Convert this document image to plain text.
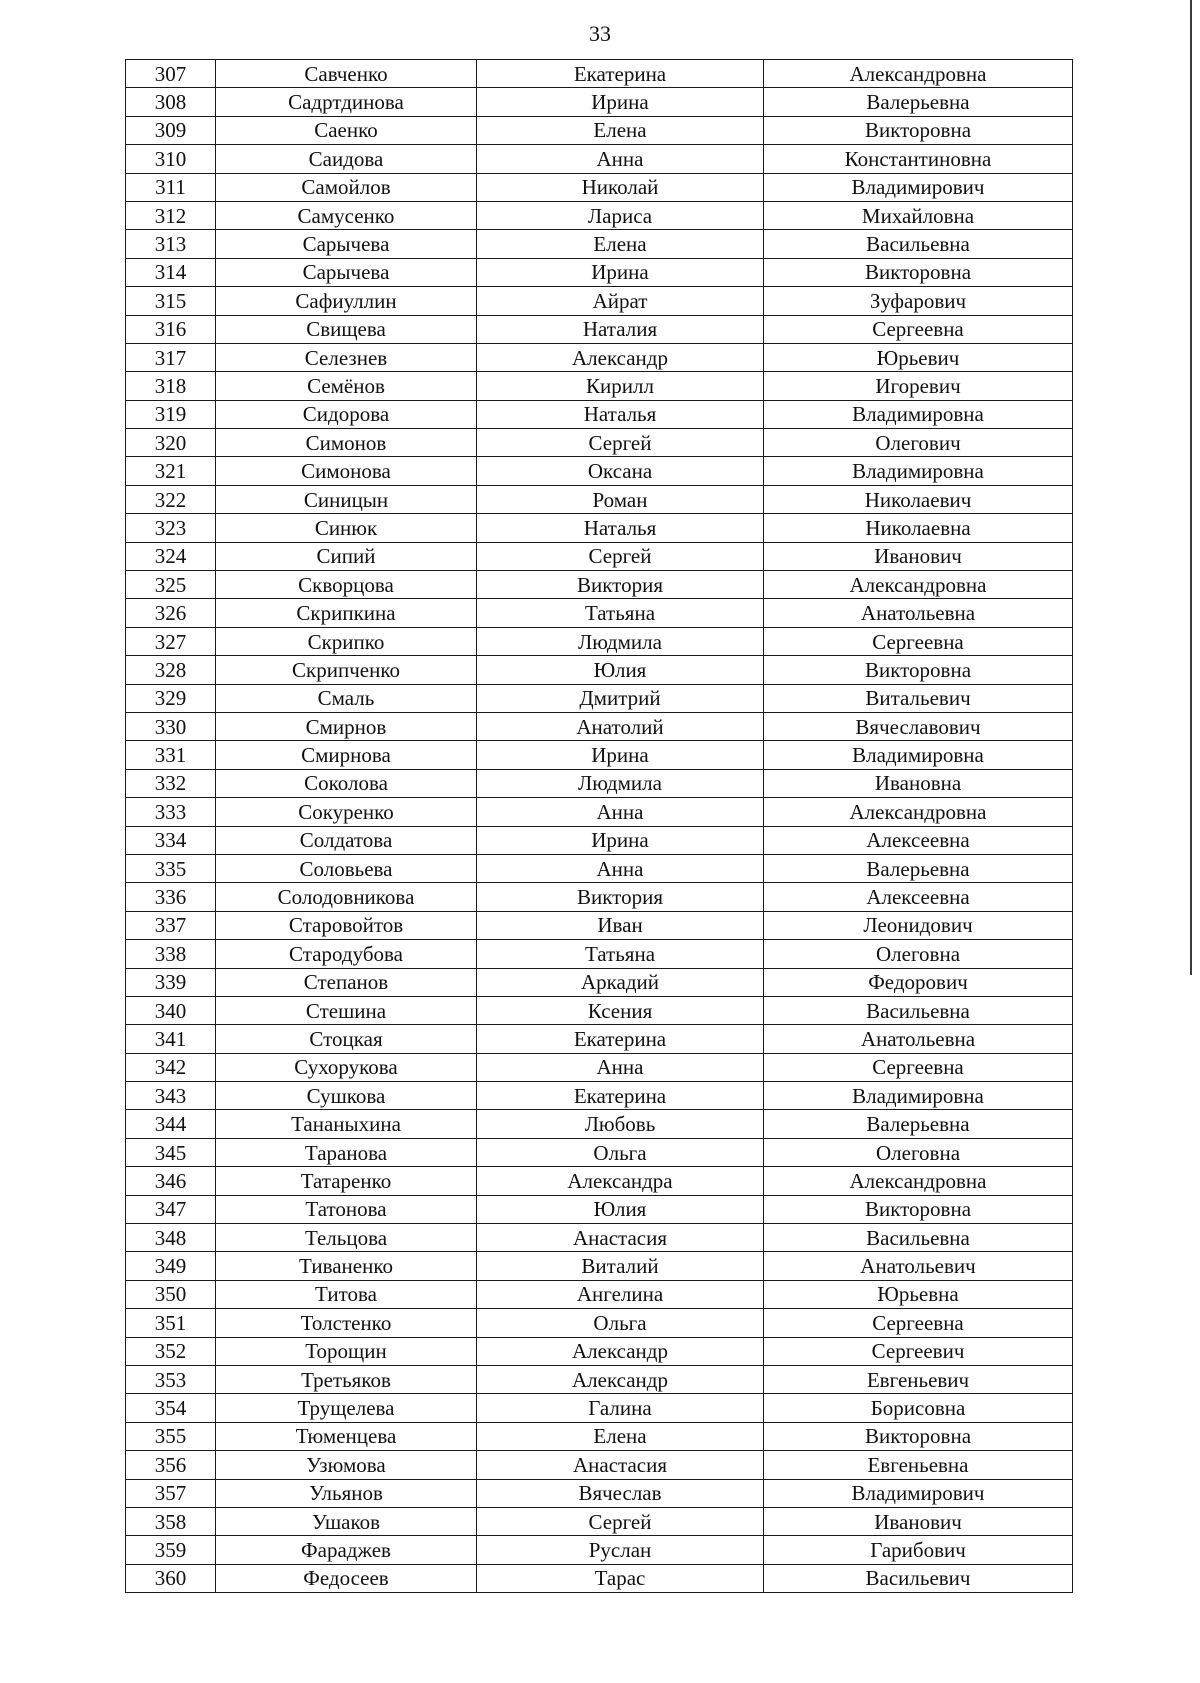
33
307	Савченко	Екатерина	Александровна
308	Садртдинова	Ирина	Валерьевна
309	Саенко	Елена	Викторовна
310	Саидова	Анна	Константиновна
311	Самойлов	Николай	Владимирович
312	Самусенко	Лариса	Михайловна
313	Сарычева	Елена	Васильевна
314	Сарычева	Ирина	Викторовна
315	Сафиуллин	Айрат	Зуфарович
316	Свищева	Наталия	Сергеевна
317	Селезнев	Александр	Юрьевич
318	Семёнов	Кирилл	Игоревич
319	Сидорова	Наталья	Владимировна
320	Симонов	Сергей	Олегович
321	Симонова	Оксана	Владимировна
322	Синицын	Роман	Николаевич
323	Синюк	Наталья	Николаевна
324	Сипий	Сергей	Иванович
325	Скворцова	Виктория	Александровна
326	Скрипкина	Татьяна	Анатольевна
327	Скрипко	Людмила	Сергеевна
328	Скрипченко	Юлия	Викторовна
329	Смаль	Дмитрий	Витальевич
330	Смирнов	Анатолий	Вячеславович
331	Смирнова	Ирина	Владимировна
332	Соколова	Людмила	Ивановна
333	Сокуренко	Анна	Александровна
334	Солдатова	Ирина	Алексеевна
335	Соловьева	Анна	Валерьевна
336	Солодовникова	Виктория	Алексеевна
337	Старовойтов	Иван	Леонидович
338	Стародубова	Татьяна	Олеговна
339	Степанов	Аркадий	Федорович
340	Стешина	Ксения	Васильевна
341	Стоцкая	Екатерина	Анатольевна
342	Сухорукова	Анна	Сергеевна
343	Сушкова	Екатерина	Владимировна
344	Тананыхина	Любовь	Валерьевна
345	Таранова	Ольга	Олеговна
346	Татаренко	Александра	Александровна
347	Татонова	Юлия	Викторовна
348	Тельцова	Анастасия	Васильевна
349	Тиваненко	Виталий	Анатольевич
350	Титова	Ангелина	Юрьевна
351	Толстенко	Ольга	Сергеевна
352	Торощин	Александр	Сергеевич
353	Третьяков	Александр	Евгеньевич
354	Трущелева	Галина	Борисовна
355	Тюменцева	Елена	Викторовна
356	Узюмова	Анастасия	Евгеньевна
357	Ульянов	Вячеслав	Владимирович
358	Ушаков	Сергей	Иванович
359	Фараджев	Руслан	Гарибович
360	Федосеев	Тарас	Васильевич
